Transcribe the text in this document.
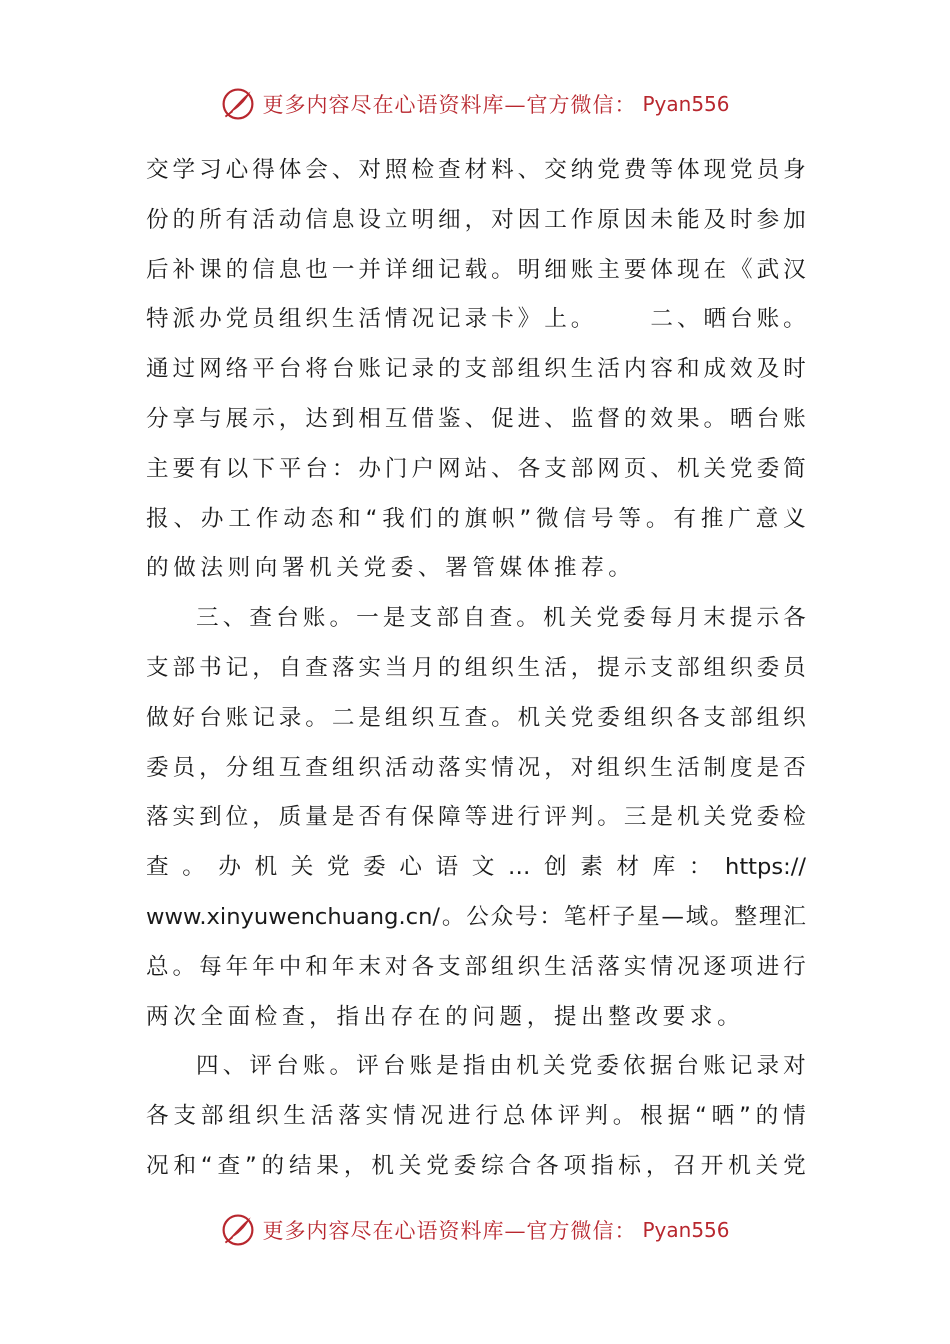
更多内容尽在心语资料库—官方微信： Pyan556
交 学 习 心 得 体 会 、 对 照 检 查 材 料 、 交 纳 党 费 等 体 现 党 员 身
份 的 所 有 活 动 信 息 设 立 明 细 ， 对 因 工 作 原 因 未 能 及 时 参 加
后 补 课 的 信 息 也 一 并 详 细 记 载 。 明 细 账 主 要 体 现 在 《 武 汉
特 派 办 党 员 组 织 生 活 情 况 记 录 卡 》 上 。

　	二 、 晒 台 账 。
通 过 网 络 平 台 将 台 账 记 录 的 支 部 组 织 生 活 内 容 和 成 效 及 时
分 享 与 展 示 ， 达 到 相 互 借 鉴 、 促 进 、 监 督 的 效 果 。 晒 台 账
主 要 有 以 下 平 台 ： 办 门 户 网 站 、 各 支 部 网 页 、 机 关 党 委 简
报 、 办 工 作 动 态 和 “ 我 们 的 旗 帜 ” 微 信 号 等 。 有 推 广 意 义
的做法则向署机关党委、署管媒体推荐。
三 、 查 台 账 。 一 是 支 部 自 查 。 机 关 党 委 每 月 末 提 示 各
支 部 书 记 ， 自 查 落 实 当 月 的 组 织 生 活 ， 提 示 支 部 组 织 委 员
做 好 台 账 记 录 。 二 是 组 织 互 查 。 机 关 党 委 组 织 各 支 部 组 织
委 员 ， 分 组 互 查 组 织 活 动 落 实 情 况 ， 对 组 织 生 活 制 度 是 否
落 实 到 位 ， 质 量 是 否 有 保 障 等 进 行 评 判 。 三 是 机 关 党 委 检
查 。 办 机 关 党 委 心 语 文 … 创 素 材 库 ： https://
www.xinyuwenchuang.cn/ 。 公 众 号 ： 笔 杆 子 星 — 域 。 整 理 汇
总 。 每 年 年 中 和 年 末 对 各 支 部 组 织 生 活 落 实 情 况 逐 项 进 行
两次全面检查，指出存在的问题，提出整改要求。
四 、 评 台 账 。 评 台 账 是 指 由 机 关 党 委 依 据 台 账 记 录 对
各 支 部 组 织 生 活 落 实 情 况 进 行 总 体 评 判 。 根 据 “ 晒 ” 的 情
况 和 “ 查 ” 的 结 果 ， 机 关 党 委 综 合 各 项 指 标 ， 召 开 机 关 党
更多内容尽在心语资料库—官方微信： Pyan556
